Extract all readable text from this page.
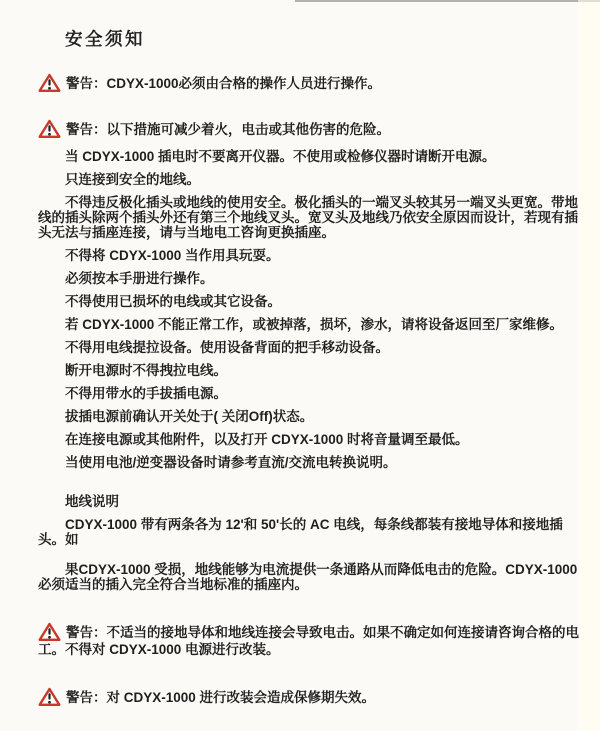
安全须知

警告：CDYX-1000必须由合格的操作人员进行操作。

警告：以下措施可减少着火，电击或其他伤害的危险。

当 CDYX-1000 插电时不要离开仪器。不使用或检修仪器时请断开电源。

只连接到安全的地线。

不得违反极化插头或地线的使用安全。极化插头的一端叉头较其另一端叉头更宽。带地线的插头除两个插头外还有第三个地线叉头。宽叉头及地线乃依安全原因而设计，若现有插头无法与插座连接，请与当地电工咨询更换插座。

不得将 CDYX-1000 当作用具玩耍。

必须按本手册进行操作。

不得使用已损坏的电线或其它设备。

若 CDYX-1000 不能正常工作，或被掉落，损坏，渗水，请将设备返回至厂家维修。

不得用电线提拉设备。使用设备背面的把手移动设备。

断开电源时不得拽拉电线。

不得用带水的手拔插电源。

拔插电源前确认开关处于( 关闭Off)状态。

在连接电源或其他附件，以及打开 CDYX-1000 时将音量调至最低。

当使用电池/逆变器设备时请参考直流/交流电转换说明。

地线说明

CDYX-1000 带有两条各为 12'和 50'长的 AC 电线，每条线都装有接地导体和接地插头。如

果CDYX-1000 受损，地线能够为电流提供一条通路从而降低电击的危险。CDYX-1000 必须适当的插入完全符合当地标准的插座内。

警告：不适当的接地导体和地线连接会导致电击。如果不确定如何连接请咨询合格的电工。不得对 CDYX-1000 电源进行改装。

警告：对 CDYX-1000 进行改装会造成保修期失效。
